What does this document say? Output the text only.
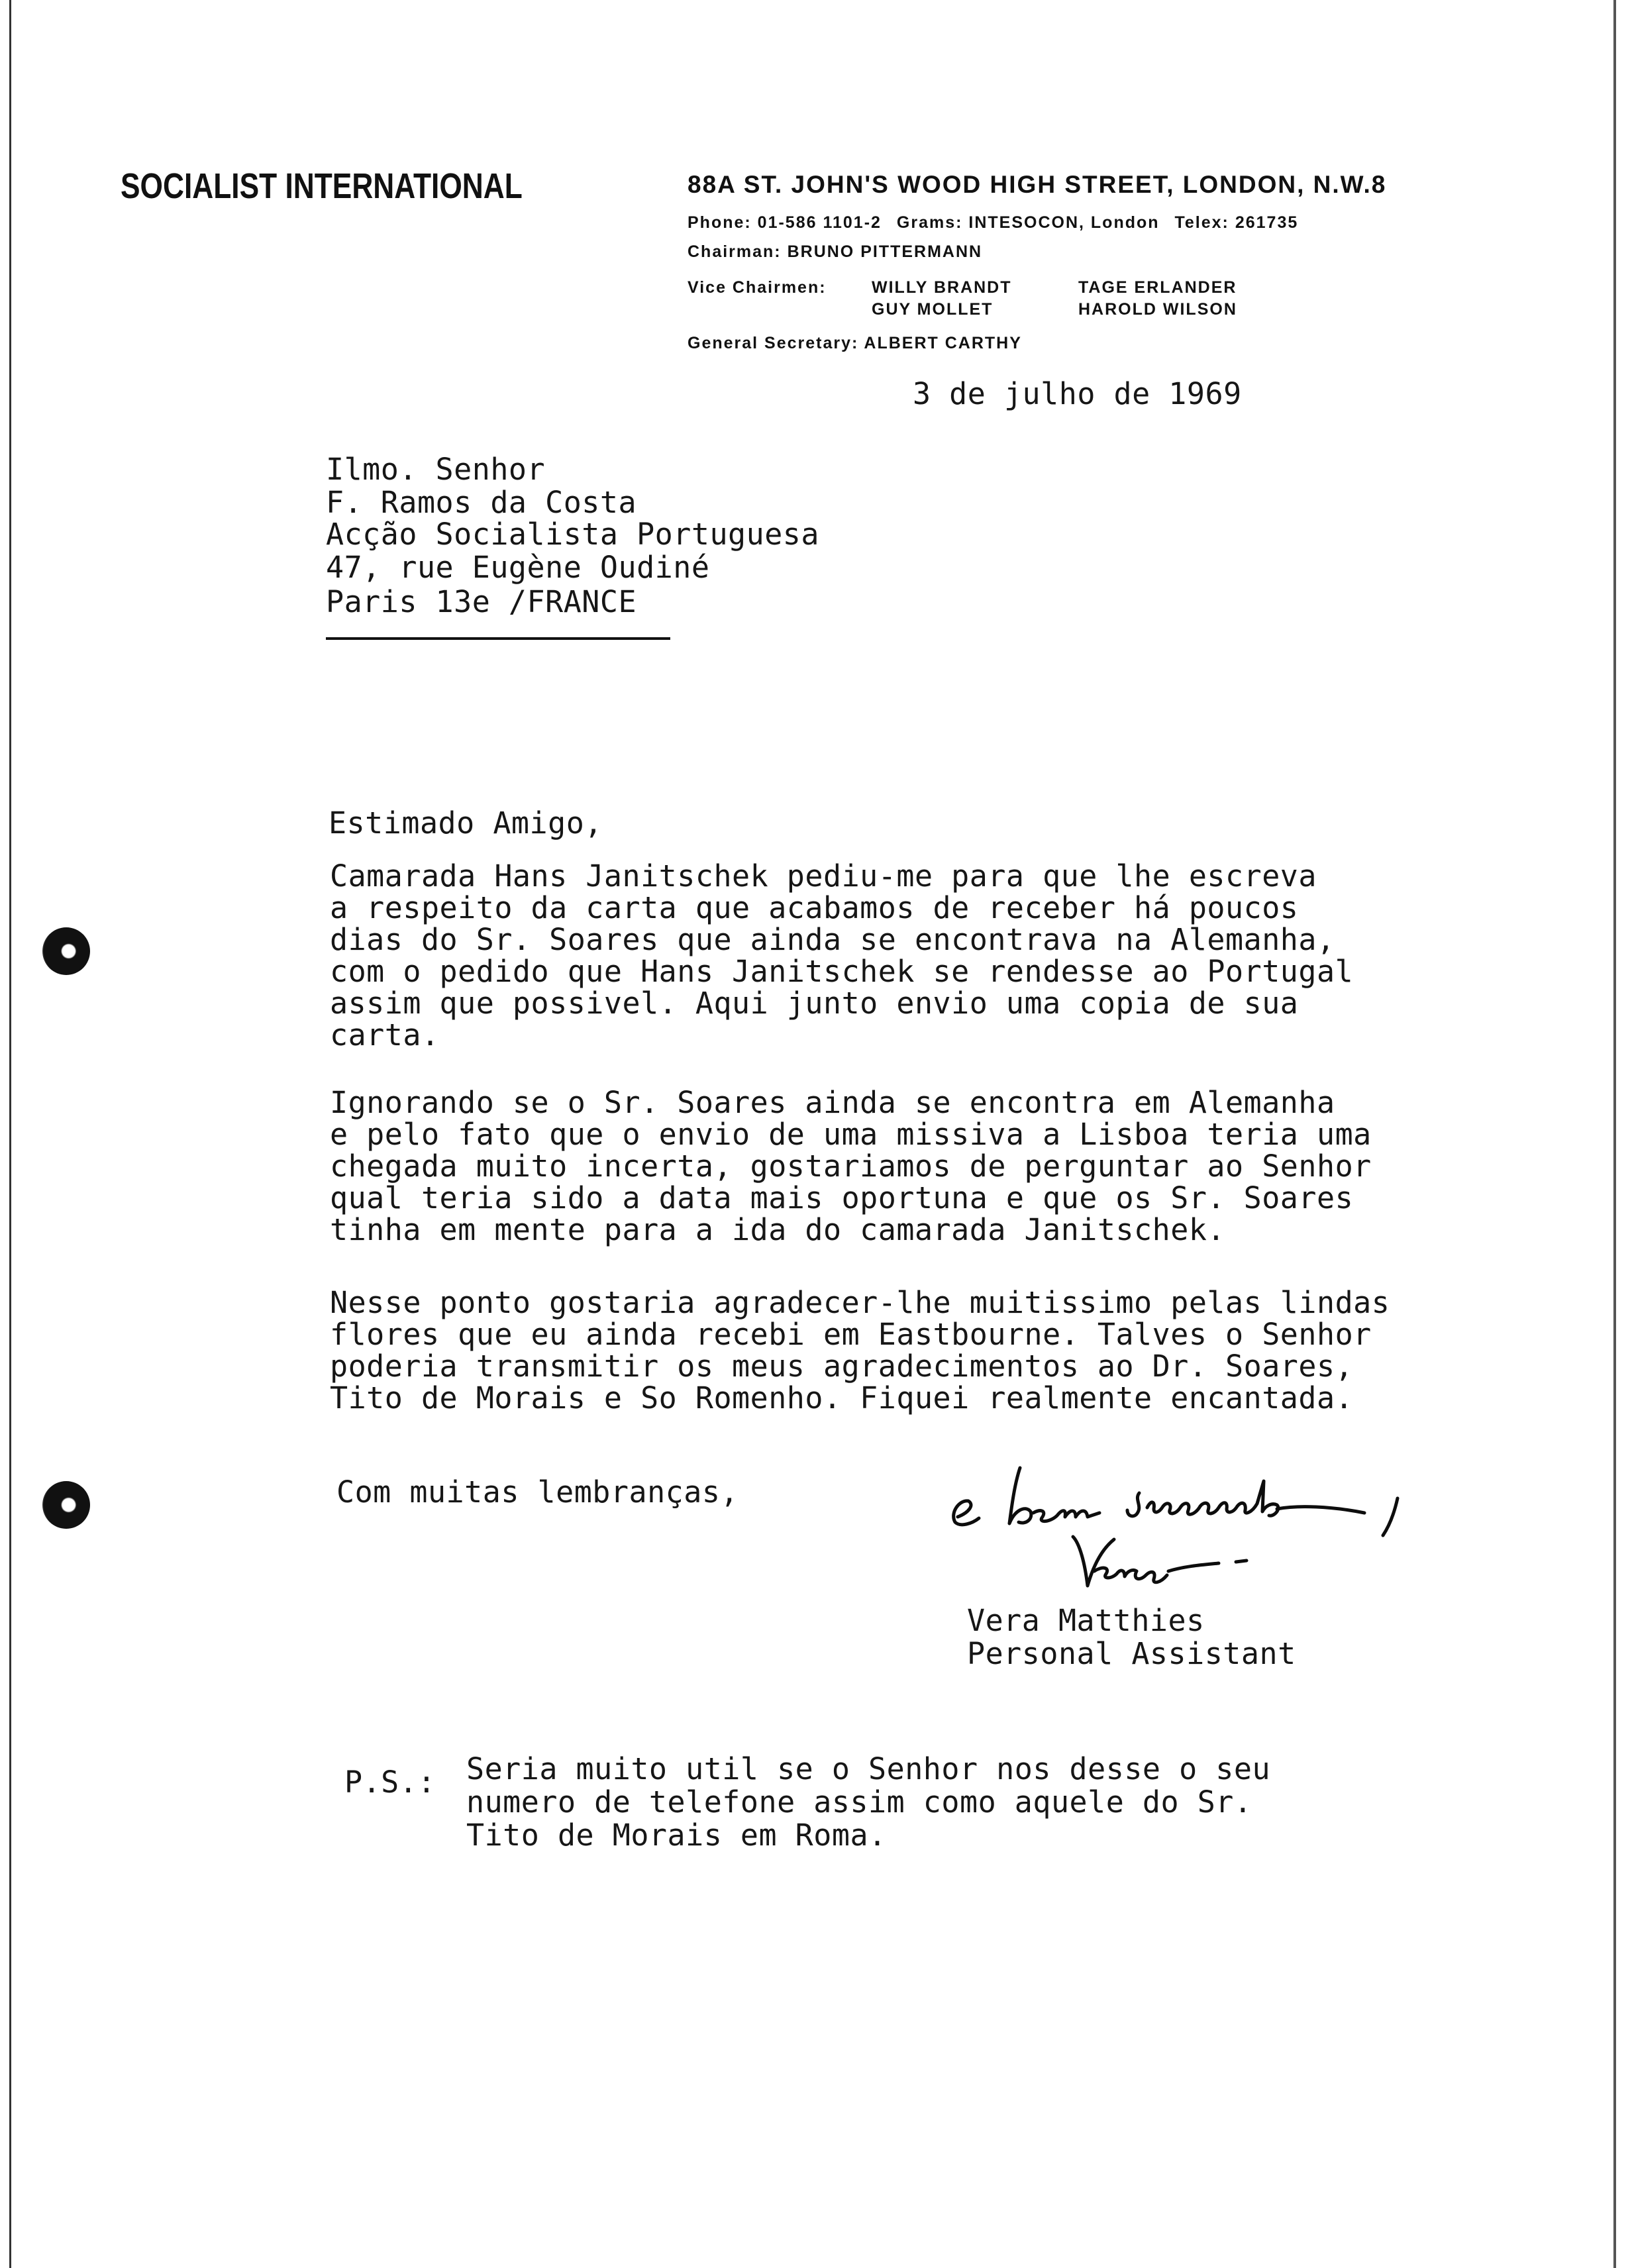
SOCIALIST INTERNATIONAL	88A ST. JOHN'S WOOD HIGH STREET, LONDON, N.W.8
Phone: 01-586 1101-2 Grams: INTESOCON, London Telex: 261735
Chairman: BRUNO PITTERMANN
Vice Chairmen:	WILLY BRANDT	TAGE ERLANDER
GUY MOLLET	HAROLD WILSON
General Secretary: ALBERT CARTHY
3 de julho de 1969
Ilmo. Senhor
F. Ramos da Costa
Acção Socialista Portuguesa
47, rue Eugène Oudiné
Paris 13e /FRANCE
Estimado Amigo,
Camarada Hans Janitschek pediu-me para que lhe escreva
a respeito da carta que acabamos de receber há poucos
dias do Sr. Soares que ainda se encontrava na Alemanha,
com o pedido que Hans Janitschek se rendesse ao Portugal
assim que possivel. Aqui junto envio uma copia de sua
carta.
Ignorando se o Sr. Soares ainda se encontra em Alemanha
e pelo fato que o envio de uma missiva a Lisboa teria uma
chegada muito incerta, gostariamos de perguntar ao Senhor
qual teria sido a data mais oportuna e que os Sr. Soares
tinha em mente para a ida do camarada Janitschek.
Nesse ponto gostaria agradecer-lhe muitissimo pelas lindas
flores que eu ainda recebi em Eastbourne. Talves o Senhor
poderia transmitir os meus agradecimentos ao Dr. Soares,
Tito de Morais e So Romenho. Fiquei realmente encantada.
Com muitas lembranças,
Vera Matthies
Personal Assistant
P.S.: Seria muito util se o Senhor nos desse o seu
numero de telefone assim como aquele do Sr.
Tito de Morais em Roma.
